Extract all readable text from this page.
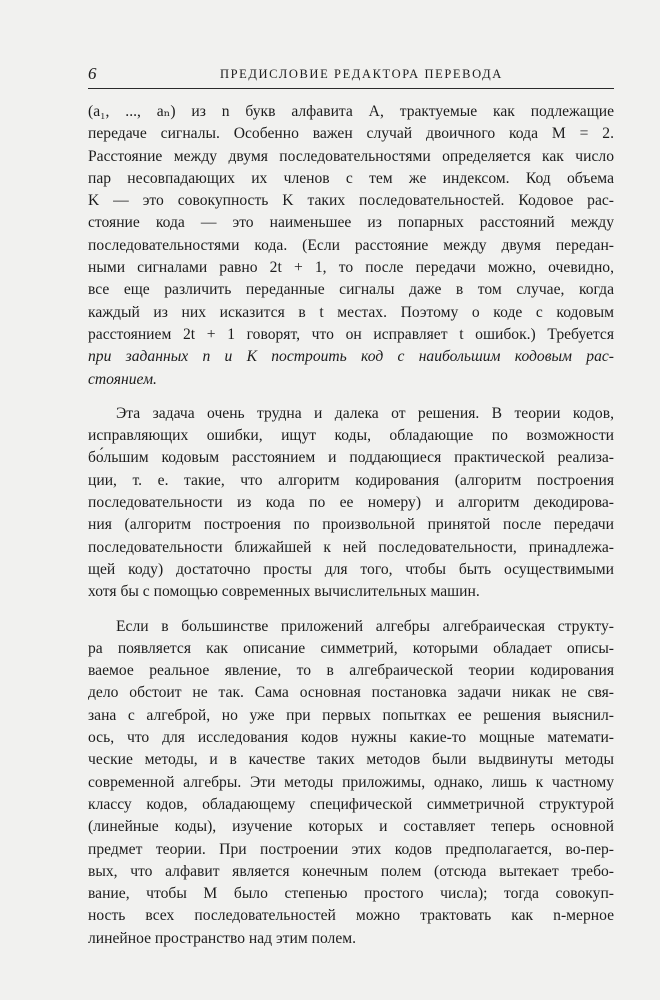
6	ПРЕДИСЛОВИЕ РЕДАКТОРА ПЕРЕВОДА

(a₁, ..., aₙ) из n букв алфавита A, трактуемые как подлежащие
передаче сигналы. Особенно важен случай двоичного кода M = 2.
Расстояние между двумя последовательностями определяется как число
пар несовпадающих их членов с тем же индексом. Код объема
K — это совокупность K таких последовательностей. Кодовое рас-
стояние кода — это наименьшее из попарных расстояний между
последовательностями кода. (Если расстояние между двумя передан-
ными сигналами равно 2t + 1, то после передачи можно, очевидно,
все еще различить переданные сигналы даже в том случае, когда
каждый из них исказится в t местах. Поэтому о коде с кодовым
расстоянием 2t + 1 говорят, что он исправляет t ошибок.) Требуется
при заданных n и K построить код с наибольшим кодовым рас-
стоянием.

Эта задача очень трудна и далека от решения. В теории кодов,
исправляющих ошибки, ищут коды, обладающие по возможности
бо́льшим кодовым расстоянием и поддающиеся практической реализа-
ции, т. е. такие, что алгоритм кодирования (алгоритм построения
последовательности из кода по ее номеру) и алгоритм декодирова-
ния (алгоритм построения по произвольной принятой после передачи
последовательности ближайшей к ней последовательности, принадлежа-
щей коду) достаточно просты для того, чтобы быть осуществимыми
хотя бы с помощью современных вычислительных машин.

Если в большинстве приложений алгебры алгебраическая структу-
ра появляется как описание симметрий, которыми обладает описы-
ваемое реальное явление, то в алгебраической теории кодирования
дело обстоит не так. Сама основная постановка задачи никак не свя-
зана с алгеброй, но уже при первых попытках ее решения выяснил-
ось, что для исследования кодов нужны какие-то мощные математи-
ческие методы, и в качестве таких методов были выдвинуты методы
современной алгебры. Эти методы приложимы, однако, лишь к частному
классу кодов, обладающему специфической симметричной структурой
(линейные коды), изучение которых и составляет теперь основной
предмет теории. При построении этих кодов предполагается, во-пер-
вых, что алфавит является конечным полем (отсюда вытекает требо-
вание, чтобы M было степенью простого числа); тогда совокуп-
ность всех последовательностей можно трактовать как n-мерное
линейное пространство над этим полем.
